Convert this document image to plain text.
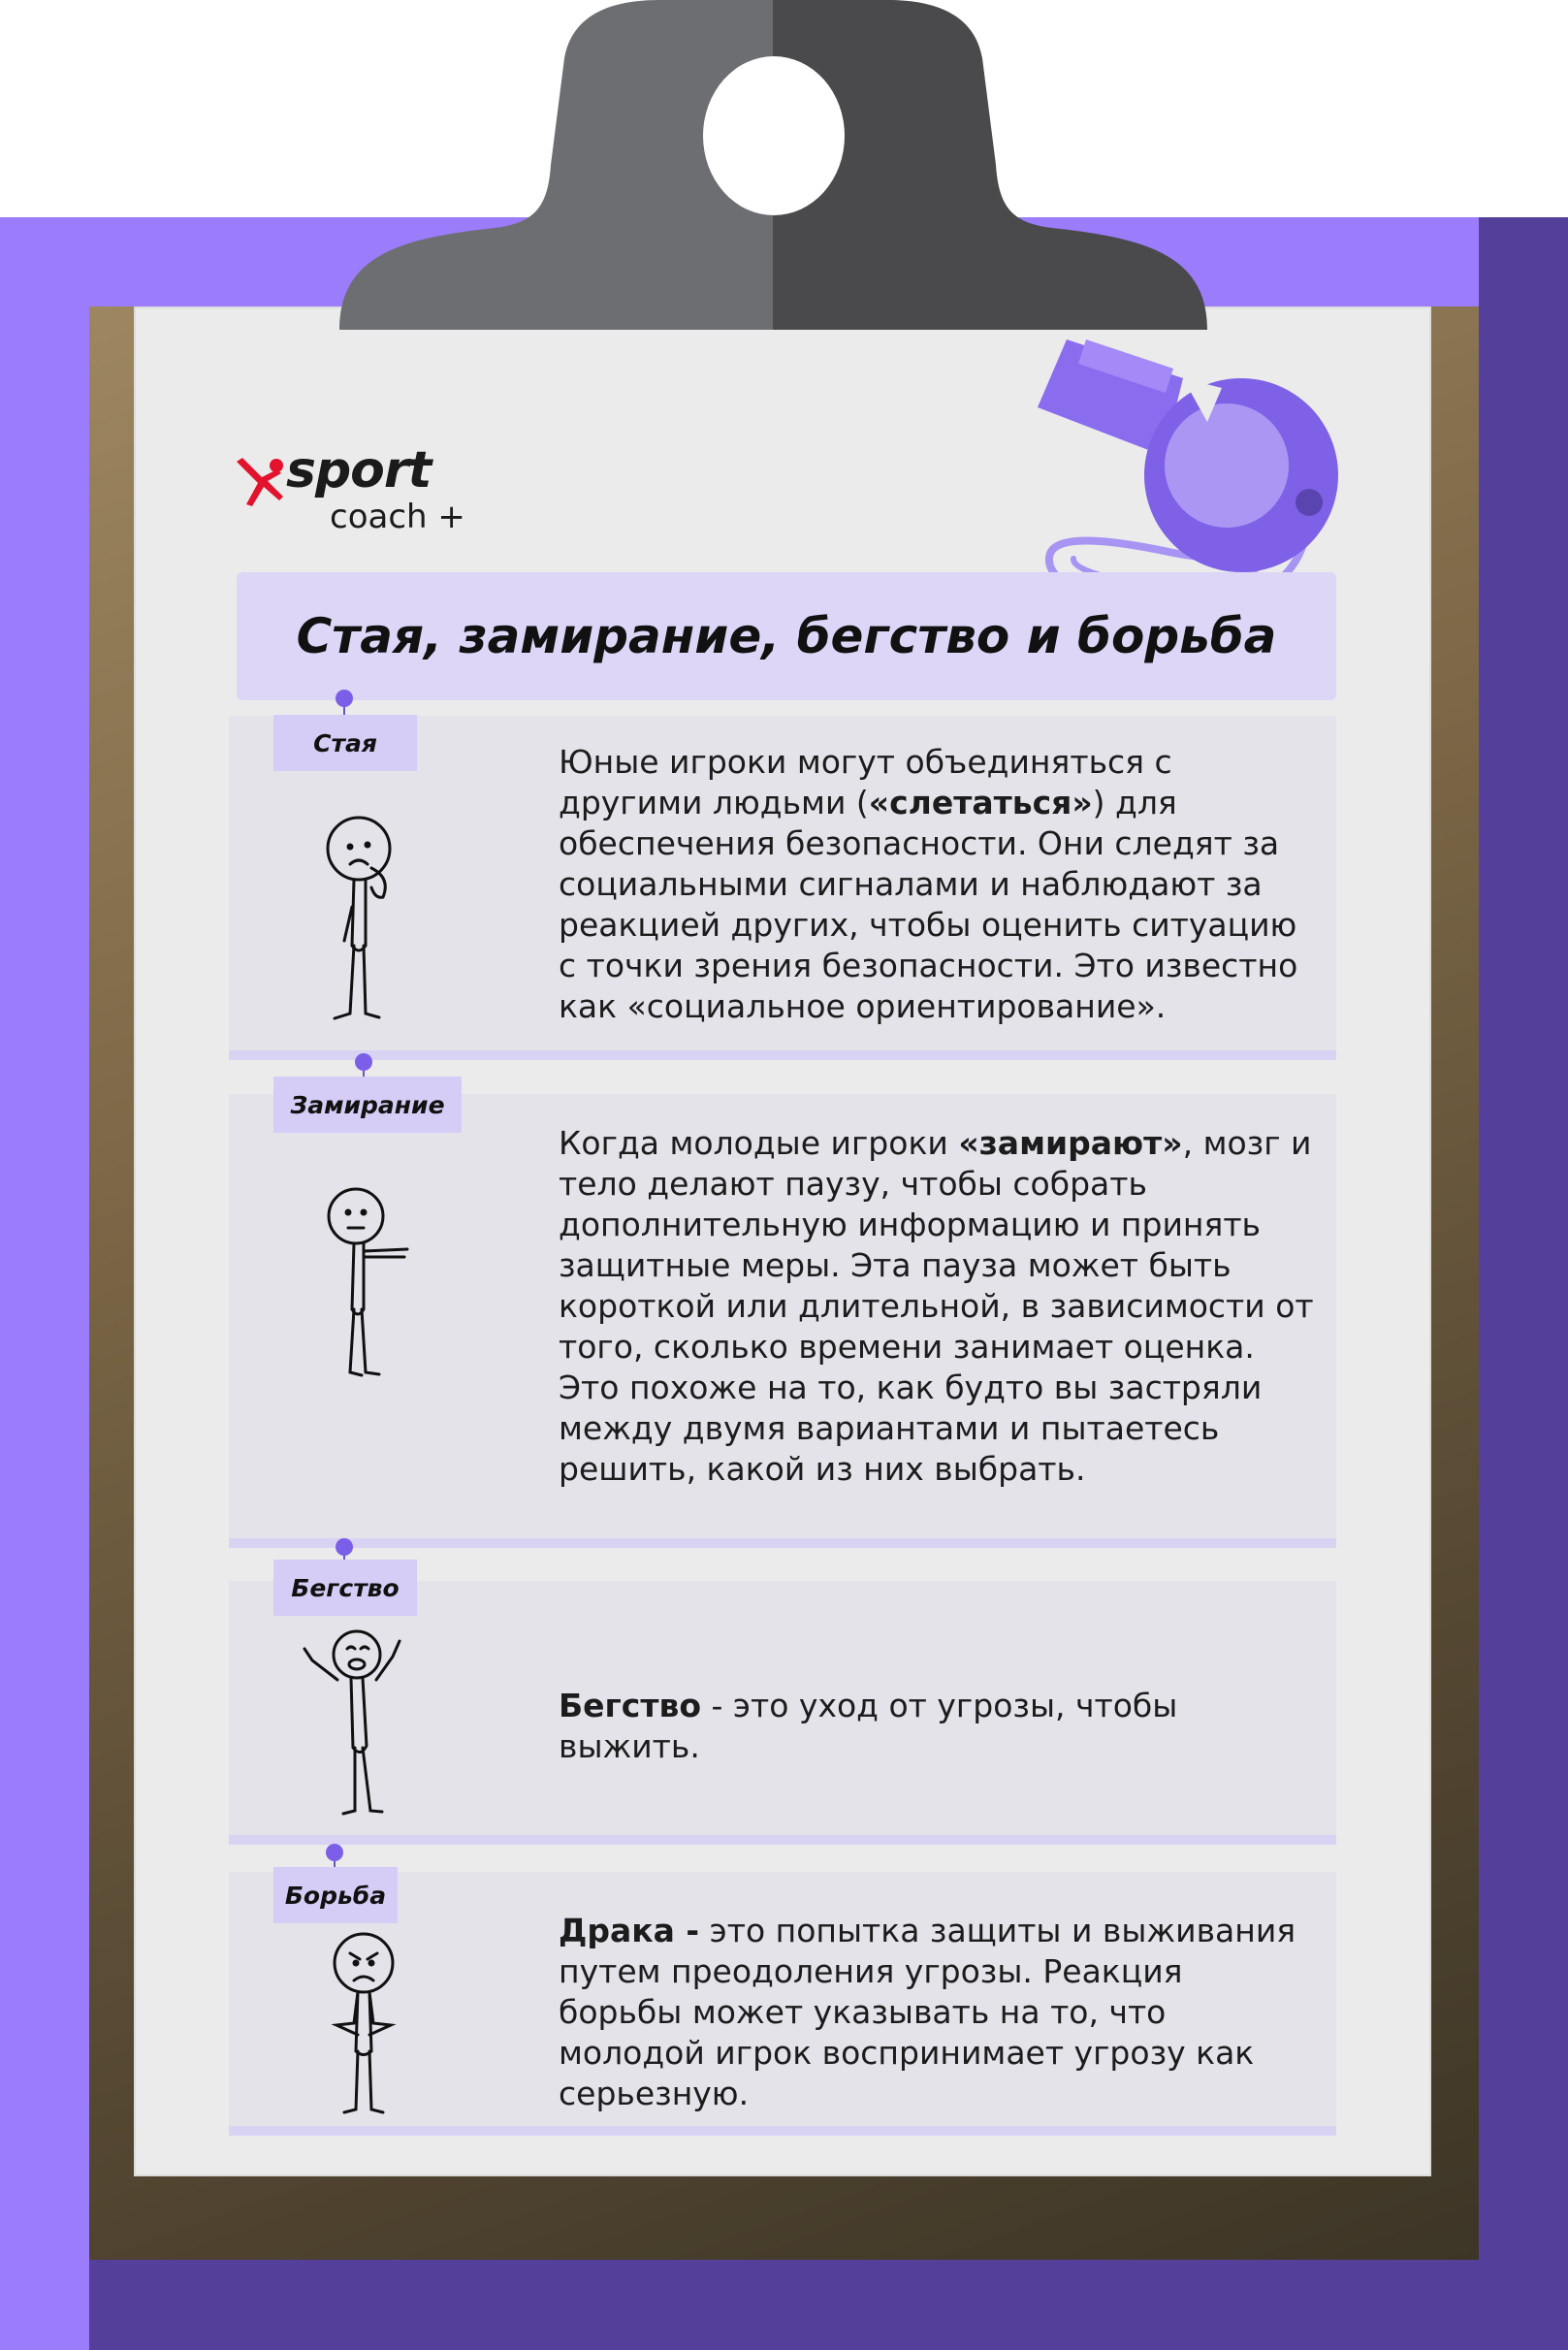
sport
coach +
Стая, замирание, бегство и борьба
Стая	Юные игроки могут объединяться с другими людьми («слетаться») для обеспечения безопасности. Они следят за социальными сигналами и наблюдают за реакцией других, чтобы оценить ситуацию с точки зрения безопасности. Это известно как «социальное ориентирование».

Замирание

Когда молодые игроки «замирают», мозг и тело делают паузу, чтобы собрать дополнительную информацию и принять защитные меры. Эта пауза может быть короткой или длительной, в зависимости от того, сколько времени занимает оценка. Это похоже на то, как будто вы застряли между двумя вариантами и пытаетесь решить, какой из них выбрать.

Бегство

Бегство - это уход от угрозы, чтобы выжить.

Борьба

Драка - это попытка защиты и выживания путем преодоления угрозы. Реакция борьбы может указывать на то, что молодой игрок воспринимает угрозу как серьезную.
